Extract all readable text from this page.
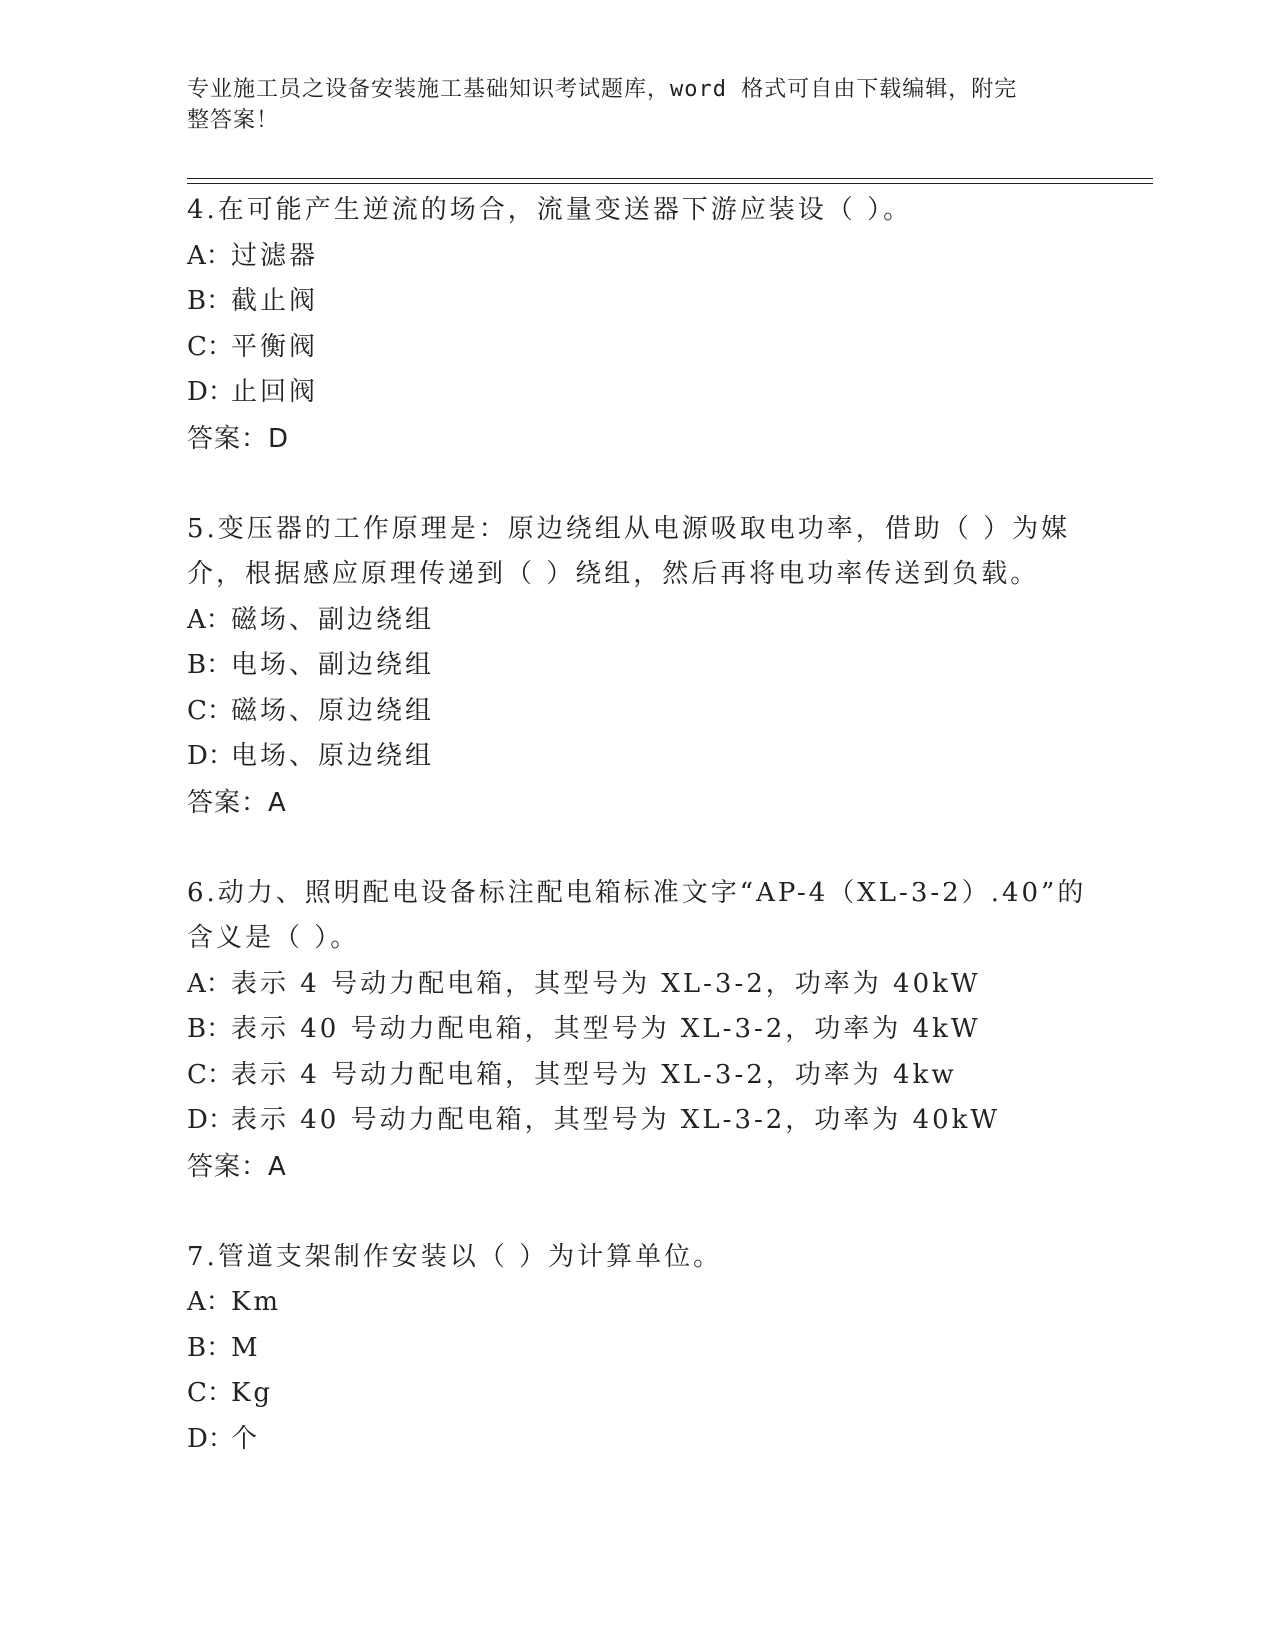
专业施工员之设备安装施工基础知识考试题库，word 格式可自由下载编辑，附完
整答案！
4.在可能产生逆流的场合，流量变送器下游应装设（ ）。
A：过滤器
B：截止阀
C：平衡阀
D：止回阀
答案：D
5.变压器的工作原理是：原边绕组从电源吸取电功率，借助（ ）为媒
介，根据感应原理传递到（ ）绕组，然后再将电功率传送到负载。
A：磁场、副边绕组
B：电场、副边绕组
C：磁场、原边绕组
D：电场、原边绕组
答案：A
6.动力、照明配电设备标注配电箱标准文字“AP-4（XL-3-2）.40”的
含义是（ ）。
A：表示 4 号动力配电箱，其型号为 XL-3-2，功率为 40kW
B：表示 40 号动力配电箱，其型号为 XL-3-2，功率为 4kW
C：表示 4 号动力配电箱，其型号为 XL-3-2，功率为 4kw
D：表示 40 号动力配电箱，其型号为 XL-3-2，功率为 40kW
答案：A
7.管道支架制作安装以（ ）为计算单位。
A：Km
B：M
C：Kg
D：个
